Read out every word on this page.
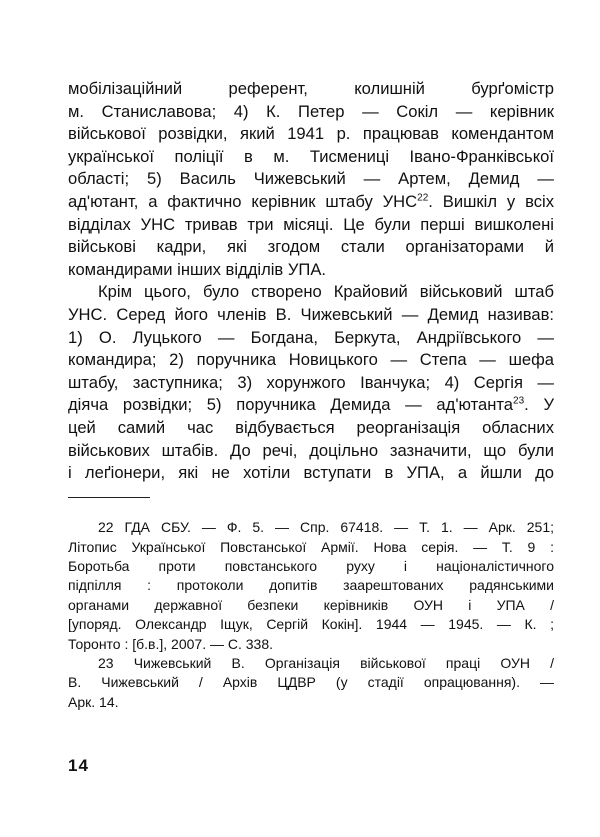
мобілізаційний референт, колишній бурґомістр
м. Станиславова; 4) К. Петер — Сокіл — керівник
військової розвідки, який 1941 р. працював комендантом
української поліції в м. Тисмениці Івано-Франківської
області; 5) Василь Чижевський — Артем, Демид —
ад'ютант, а фактично керівник штабу УНС$^{22}$. Вишкіл у всіх
відділах УНС тривав три місяці. Це були перші вишколені
військові кадри, які згодом стали організаторами й
командирами інших відділів УПА.
Крім цього, було створено Крайовий військовий штаб
УНС. Серед його членів В. Чижевський — Демид називав:
1) О. Луцького — Богдана, Беркута, Андріївського —
командира; 2) поручника Новицького — Степа — шефа
штабу, заступника; 3) хорунжого Іванчука; 4) Сергія —
діяча розвідки; 5) поручника Демида — ад'ютанта$^{23}$. У
цей самий час відбувається реорганізація обласних
військових штабів. До речі, доцільно зазначити, що були
і леґіонери, які не хотіли вступати в УПА, а йшли до
22 ГДА СБУ. — Ф. 5. — Спр. 67418. — Т. 1. — Арк. 251;
Літопис Української Повстанської Армії. Нова серія. — Т. 9 :
Боротьба проти повстанського руху і націоналістичного
підпілля : протоколи допитів заарештованих радянськими
органами державної безпеки керівників ОУН і УПА /
[упоряд. Олександр Іщук, Сергій Кокін]. 1944 — 1945. — К. ;
Торонто : [б.в.], 2007. — С. 338.
23 Чижевський В. Організація військової праці ОУН /
В. Чижевський / Архів ЦДВР (у стадії опрацювання). —
Арк. 14.
14
